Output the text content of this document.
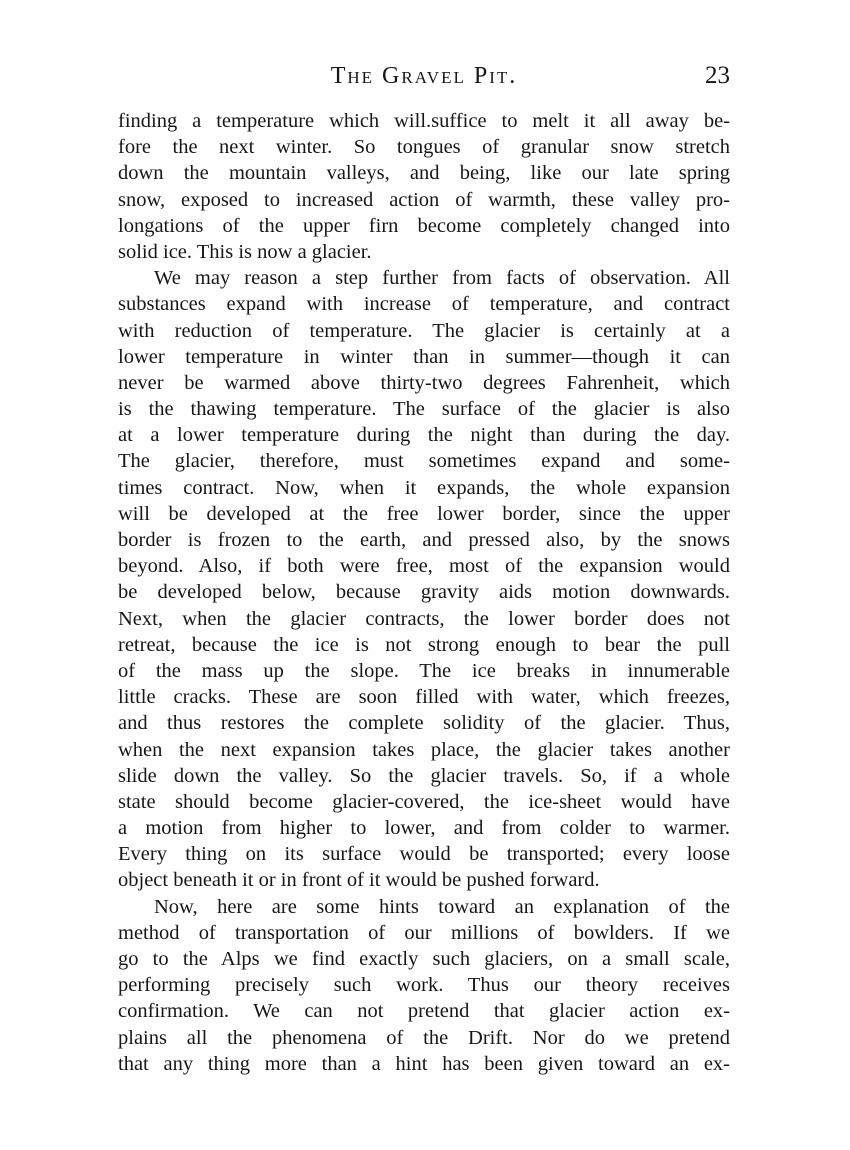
The Gravel Pit.	23
finding a temperature which will.suffice to melt it all away be-
fore the next winter. So tongues of granular snow stretch
down the mountain valleys, and being, like our late spring
snow, exposed to increased action of warmth, these valley pro-
longations of the upper firn become completely changed into
solid ice. This is now a glacier.
We may reason a step further from facts of observation. All
substances expand with increase of temperature, and contract
with reduction of temperature. The glacier is certainly at a
lower temperature in winter than in summer—though it can
never be warmed above thirty-two degrees Fahrenheit, which
is the thawing temperature. The surface of the glacier is also
at a lower temperature during the night than during the day.
The glacier, therefore, must sometimes expand and some-
times contract. Now, when it expands, the whole expansion
will be developed at the free lower border, since the upper
border is frozen to the earth, and pressed also, by the snows
beyond. Also, if both were free, most of the expansion would
be developed below, because gravity aids motion downwards.
Next, when the glacier contracts, the lower border does not
retreat, because the ice is not strong enough to bear the pull
of the mass up the slope. The ice breaks in innumerable
little cracks. These are soon filled with water, which freezes,
and thus restores the complete solidity of the glacier. Thus,
when the next expansion takes place, the glacier takes another
slide down the valley. So the glacier travels. So, if a whole
state should become glacier-covered, the ice-sheet would have
a motion from higher to lower, and from colder to warmer.
Every thing on its surface would be transported; every loose
object beneath it or in front of it would be pushed forward.
Now, here are some hints toward an explanation of the
method of transportation of our millions of bowlders. If we
go to the Alps we find exactly such glaciers, on a small scale,
performing precisely such work. Thus our theory receives
confirmation. We can not pretend that glacier action ex-
plains all the phenomena of the Drift. Nor do we pretend
that any thing more than a hint has been given toward an ex-
